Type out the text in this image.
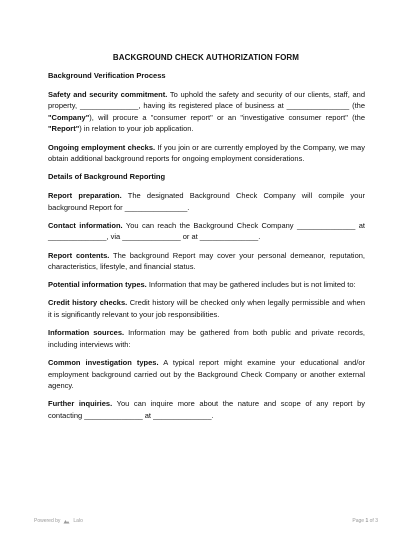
BACKGROUND CHECK AUTHORIZATION FORM
Background Verification Process

Safety and security commitment. To uphold the safety and security of our clients, staff, and property, ______________, having its registered place of business at _______________ (the "Company"), will procure a "consumer report" or an "investigative consumer report" (the "Report") in relation to your job application.

Ongoing employment checks. If you join or are currently employed by the Company, we may obtain additional background reports for ongoing employment considerations.

Details of Background Reporting

Report preparation. The designated Background Check Company will compile your background Report for _______________.

Contact information. You can reach the Background Check Company ______________ at ______________, via ______________ or at ______________.

Report contents. The background Report may cover your personal demeanor, reputation, characteristics, lifestyle, and financial status.

Potential information types. Information that may be gathered includes but is not limited to:

Credit history checks. Credit history will be checked only when legally permissible and when it is significantly relevant to your job responsibilities.

Information sources. Information may be gathered from both public and private records, including interviews with:

Common investigation types. A typical report might examine your educational and/or employment background carried out by the Background Check Company or another external agency.

Further inquiries. You can inquire more about the nature and scope of any report by contacting ______________ at ______________.

Powered by	Lalo	Page 1 of 3
